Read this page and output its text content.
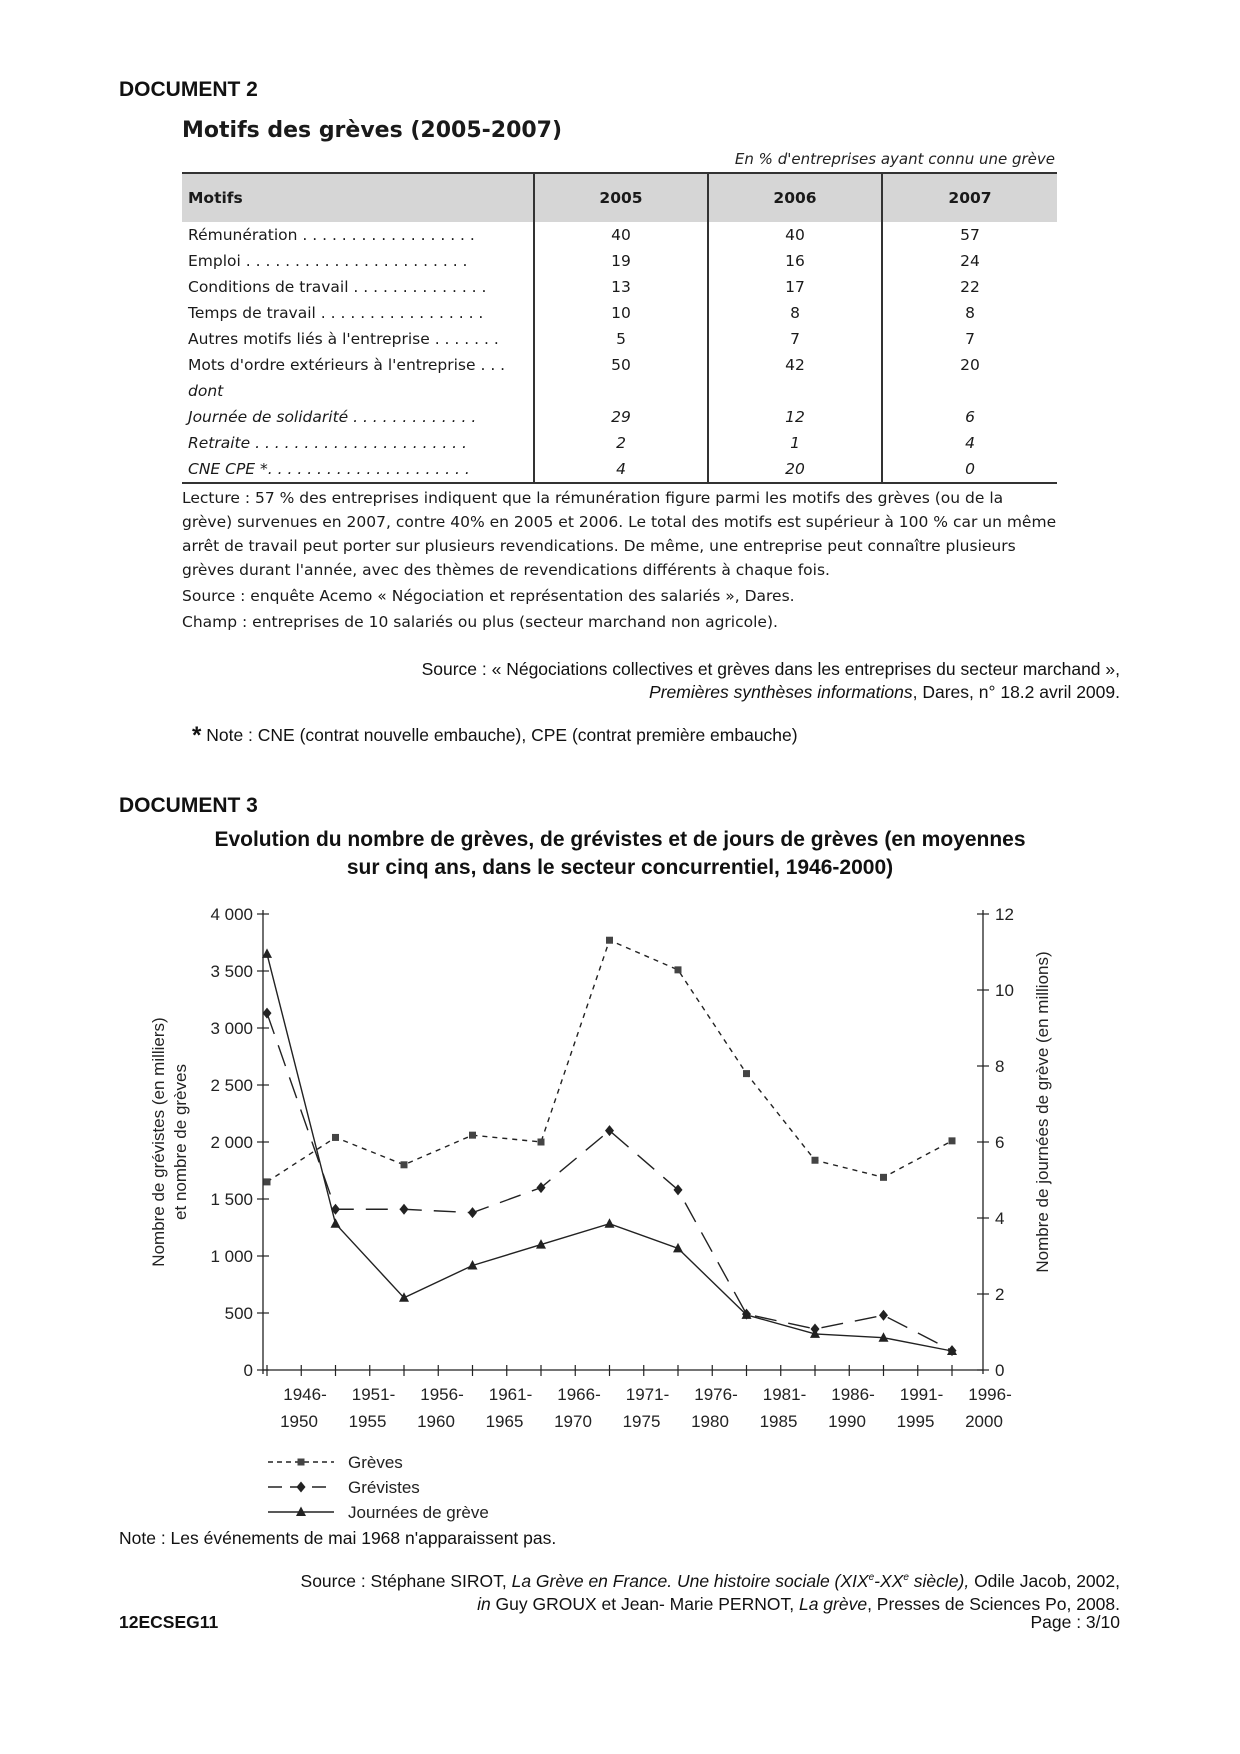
DOCUMENT 2
Motifs des grèves (2005-2007)
En % d'entreprises ayant connu une grève
Motifs	2005	2006	2007
Rémunération . . . . . . . . . . . . . . . . . .	40	40	57
Emploi . . . . . . . . . . . . . . . . . . . . . . .	19	16	24
Conditions de travail . . . . . . . . . . . . . .	13	17	22
Temps de travail . . . . . . . . . . . . . . . . .	10	8	8
Autres motifs liés à l'entreprise . . . . . . .	5	7	7
Mots d'ordre extérieurs à l'entreprise . . .	50	42	20
dont			
Journée de solidarité . . . . . . . . . . . . .	29	12	6
Retraite . . . . . . . . . . . . . . . . . . . . . .	2	1	4
CNE CPE *. . . . . . . . . . . . . . . . . . . . .	4	20	0

Lecture : 57 % des entreprises indiquent que la rémunération figure parmi les motifs des grèves (ou de la grève) survenues en 2007, contre 40% en 2005 et 2006. Le total des motifs est supérieur à 100 % car un même arrêt de travail peut porter sur plusieurs revendications. De même, une entreprise peut connaître plusieurs grèves durant l'année, avec des thèmes de revendications différents à chaque fois.

Source : enquête Acemo « Négociation et représentation des salariés », Dares.

Champ : entreprises de 10 salariés ou plus (secteur marchand non agricole).

Source : « Négociations collectives et grèves dans les entreprises du secteur marchand »,
Premières synthèses informations, Dares, n° 18.2 avril 2009.
* Note : CNE (contrat nouvelle embauche), CPE (contrat première embauche)
DOCUMENT 3
Evolution du nombre de grèves, de grévistes et de jours de grèves (en moyennes
sur cinq ans, dans le secteur concurrentiel, 1946-2000)
0
500
1 000
1 500
2 000
2 500
3 000
3 500
4 000
0
2
4
6
8
10
12
1946-
1950
1951-
1955
1956-
1960
1961-
1965
1966-
1970
1971-
1975
1976-
1980
1981-
1985
1986-
1990
1991-
1995
1996-
2000
Nombre de grévistes (en milliers) et nombre de grèves	Nombre de journées de grève (en millions)
Grèves
Grévistes
Journées de grève
Note : Les événements de mai 1968 n'apparaissent pas.
Source : Stéphane SIROT, La Grève en France. Une histoire sociale (XIXe-XXe siècle), Odile Jacob, 2002,
in Guy GROUX et Jean- Marie PERNOT, La grève, Presses de Sciences Po, 2008.
12ECSEG11	Page : 3/10
